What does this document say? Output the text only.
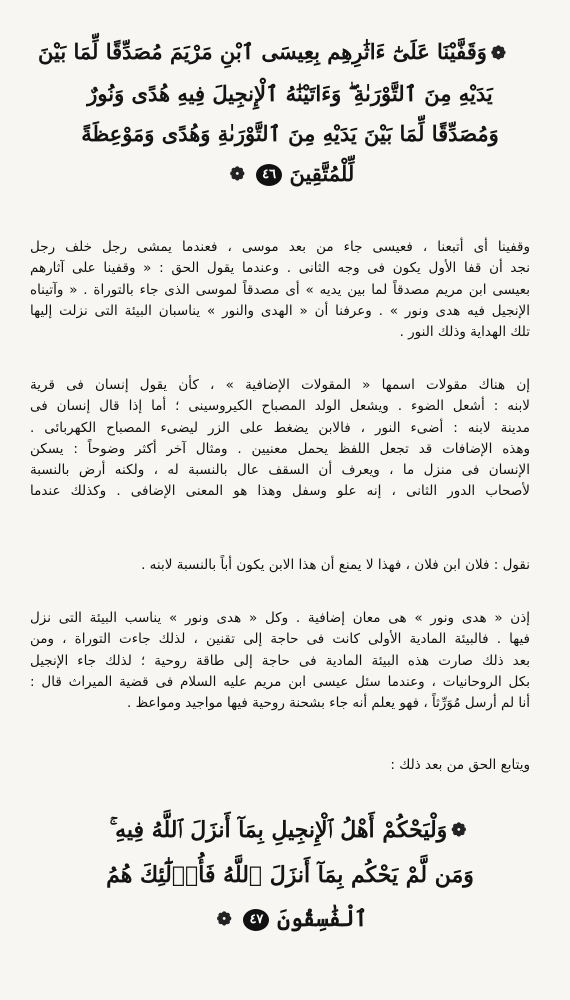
❁وَقَفَّيْنَا عَلَىٰٓ ءَاثَٰرِهِم بِعِيسَى ٱبْنِ مَرْيَمَ مُصَدِّقًا لِّمَا بَيْنَ
يَدَيْهِ مِنَ ٱلتَّوْرَىٰةِ ۖ وَءَاتَيْنَٰهُ ٱلْإِنجِيلَ فِيهِ هُدًى وَنُورٌ
وَمُصَدِّقًا لِّمَا بَيْنَ يَدَيْهِ مِنَ ٱلتَّوْرَىٰةِ وَهُدًى وَمَوْعِظَةً
لِّلْمُتَّقِينَ ٤٦ ❁
وقفينا أى أتبعنا ، فعيسى جاء من بعد موسى ، فعندما يمشى رجل خلف رجل
نجد أن قفا الأول يكون فى وجه الثانى . وعندما يقول الحق : « وقفينا على آثارهم
بعيسى ابن مريم مصدقاً لما بين يديه » أى مصدقاً لموسى الذى جاء بالتوراة . « وآتيناه
الإنجيل فيه هدى ونور » . وعرفنا أن « الهدى والنور » يناسبان البيئة التى نزلت إليها
تلك الهداية وذلك النور .
إن هناك مقولات اسمها « المقولات الإضافية » ، كأن يقول إنسان فى قرية
لابنه : أشعل الضوء . ويشعل الولد المصباح الكيروسينى ؛ أما إذا قال إنسان فى
مدينة لابنه : أضىء النور ، فالابن يضغط على الزر ليضىء المصباح الكهربائى .
وهذه الإضافات قد تجعل اللفظ يحمل معنيين . ومثال آخر أكثر وضوحاً : يسكن
الإنسان فى منزل ما ، ويعرف أن السقف عال بالنسبة له ، ولكنه أرض بالنسبة
لأصحاب الدور الثانى ، إنه علو وسفل وهذا هو المعنى الإضافى . وكذلك عندما
نقول : فلان ابن فلان ، فهذا لا يمنع أن هذا الابن يكون أباً بالنسبة لابنه .
إذن « هدى ونور » هى معان إضافية . وكل « هدى ونور » يناسب البيئة التى نزل
فيها . فالبيئة المادية الأولى كانت فى حاجة إلى تقنين ، لذلك جاءت التوراة ، ومن
بعد ذلك صارت هذه البيئة المادية فى حاجة إلى طاقة روحية ؛ لذلك جاء الإنجيل
بكل الروحانيات ، وعندما سئل عيسى ابن مريم عليه السلام فى قضية الميراث قال :
أنا لم أرسل مُوَرِّثاً ، فهو يعلم أنه جاء بشحنة روحية فيها مواجيد ومواعظ .
ويتابع الحق من بعد ذلك :
❁وَلْيَحْكُمْ أَهْلُ ٱلْإِنجِيلِ بِمَآ أَنزَلَ ٱللَّهُ فِيهِ ۚ
وَمَن لَّمْ يَحْكُم بِمَآ أَنزَلَ ٱللَّهُ فَأُو۟لَٰٓئِكَ هُمُ
ٱلْفَٰسِقُونَ ٤٧ ❁
